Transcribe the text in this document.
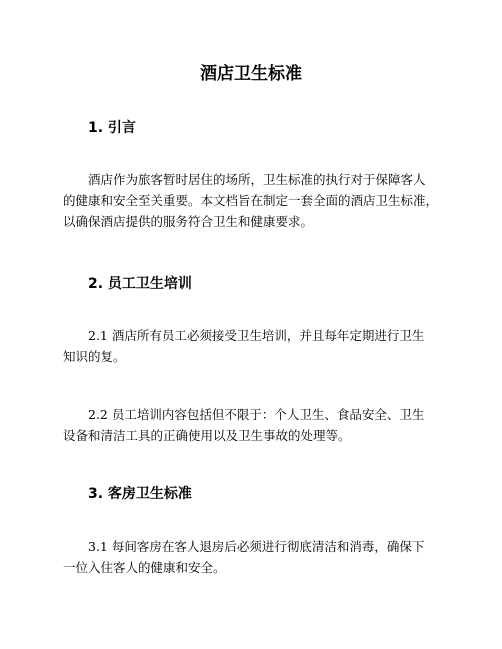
酒店卫生标准
1. 引言

酒店作为旅客暂时居住的场所，卫生标准的执行对于保障客人
的健康和安全至关重要。本文档旨在制定一套全面的酒店卫生标准，
以确保酒店提供的服务符合卫生和健康要求。

2. 员工卫生培训

2.1 酒店所有员工必须接受卫生培训，并且每年定期进行卫生
知识的复。

2.2 员工培训内容包括但不限于：个人卫生、食品安全、卫生
设备和清洁工具的正确使用以及卫生事故的处理等。

3. 客房卫生标准

3.1 每间客房在客人退房后必须进行彻底清洁和消毒，确保下
一位入住客人的健康和安全。
